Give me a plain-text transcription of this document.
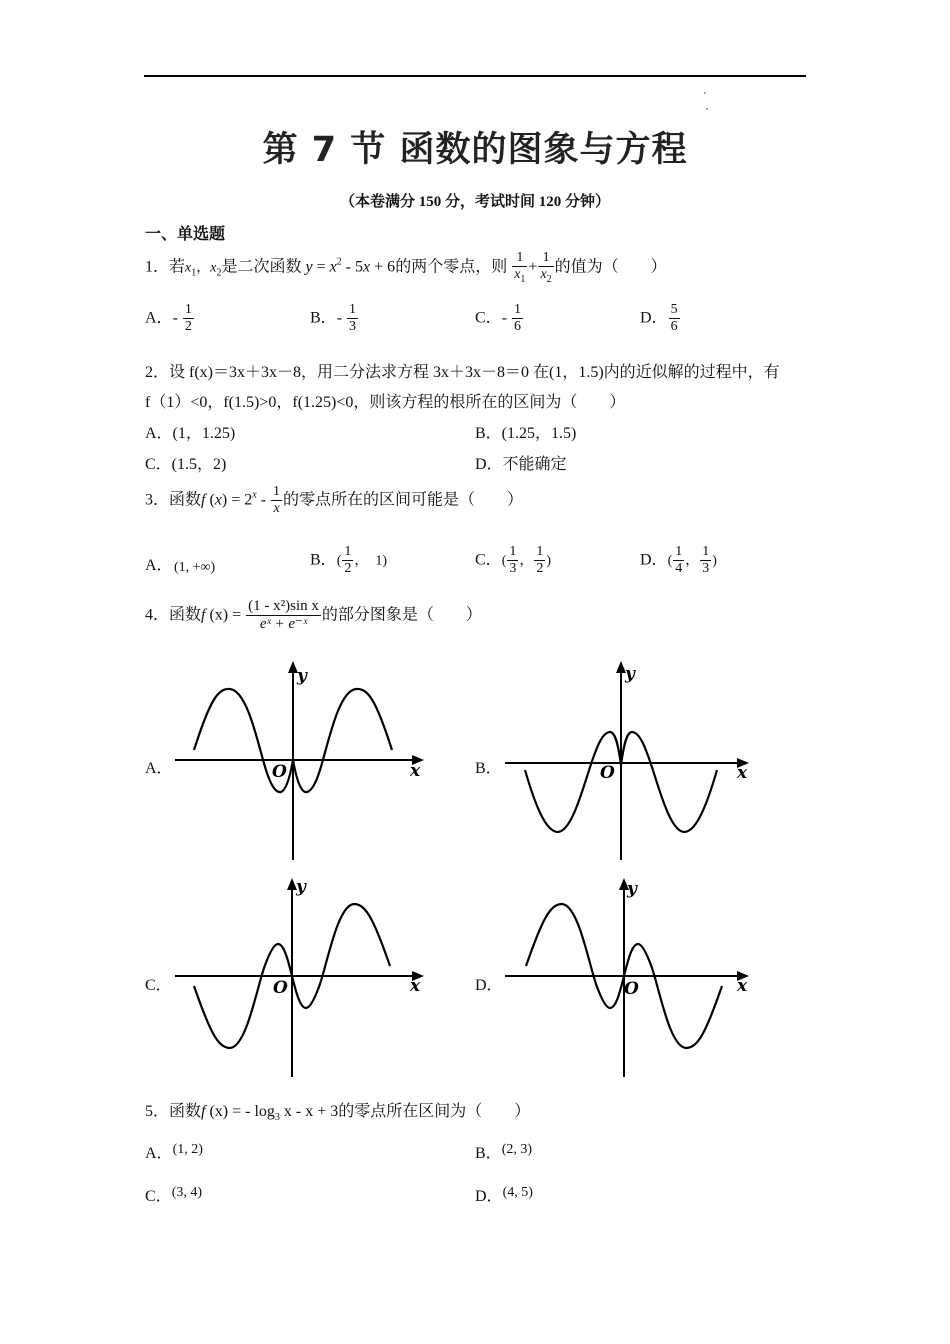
第 7 节 函数的图象与方程
（本卷满分 150 分，考试时间 120 分钟）
一、单选题
1．若$x_1$，$x_2$是二次函数 $y = x^2 - 5x + 6$的两个零点，则 $\frac{1}{x_1} + \frac{1}{x_2}$ 的值为（　　）
A．- $\frac{1}{2}$	B．- $\frac{1}{3}$	C．- $\frac{1}{6}$	D． $\frac{5}{6}$
2．设 f(x)＝3x＋3x－8，用二分法求方程 3x＋3x－8＝0 在(1，1.5)内的近似解的过程中，有
f（1）<0，f(1.5)>0，f(1.25)<0，则该方程的根所在的区间为（　　）
A．(1，1.25)	B．(1.25，1.5)
C．(1.5，2)	D．不能确定
3．函数f $(x) = 2^x - \frac{1}{x}$ 的零点所在的区间可能是（　　）
A． (1, +∞)	B．( $\frac{1}{2}$ ，　1)	C．( $\frac{1}{3}$ ， $\frac{1}{2}$ )	D．( $\frac{1}{4}$ ， $\frac{1}{3}$ )
4．函数f $(x) = \frac{\text{(1 - x²)sin x}}{\text{eˣ + e⁻ˣ}}$ 的部分图象是（　　）
A．	B．
C．	D．
y
x
O
y
x
O
y
x
O
y
x
O
5．函数f (x) = - $\log_3 x - x + 3$的零点所在区间为（　　）
A．(1, 2)	B．(2, 3)
C．(3, 4)	D．(4, 5)
